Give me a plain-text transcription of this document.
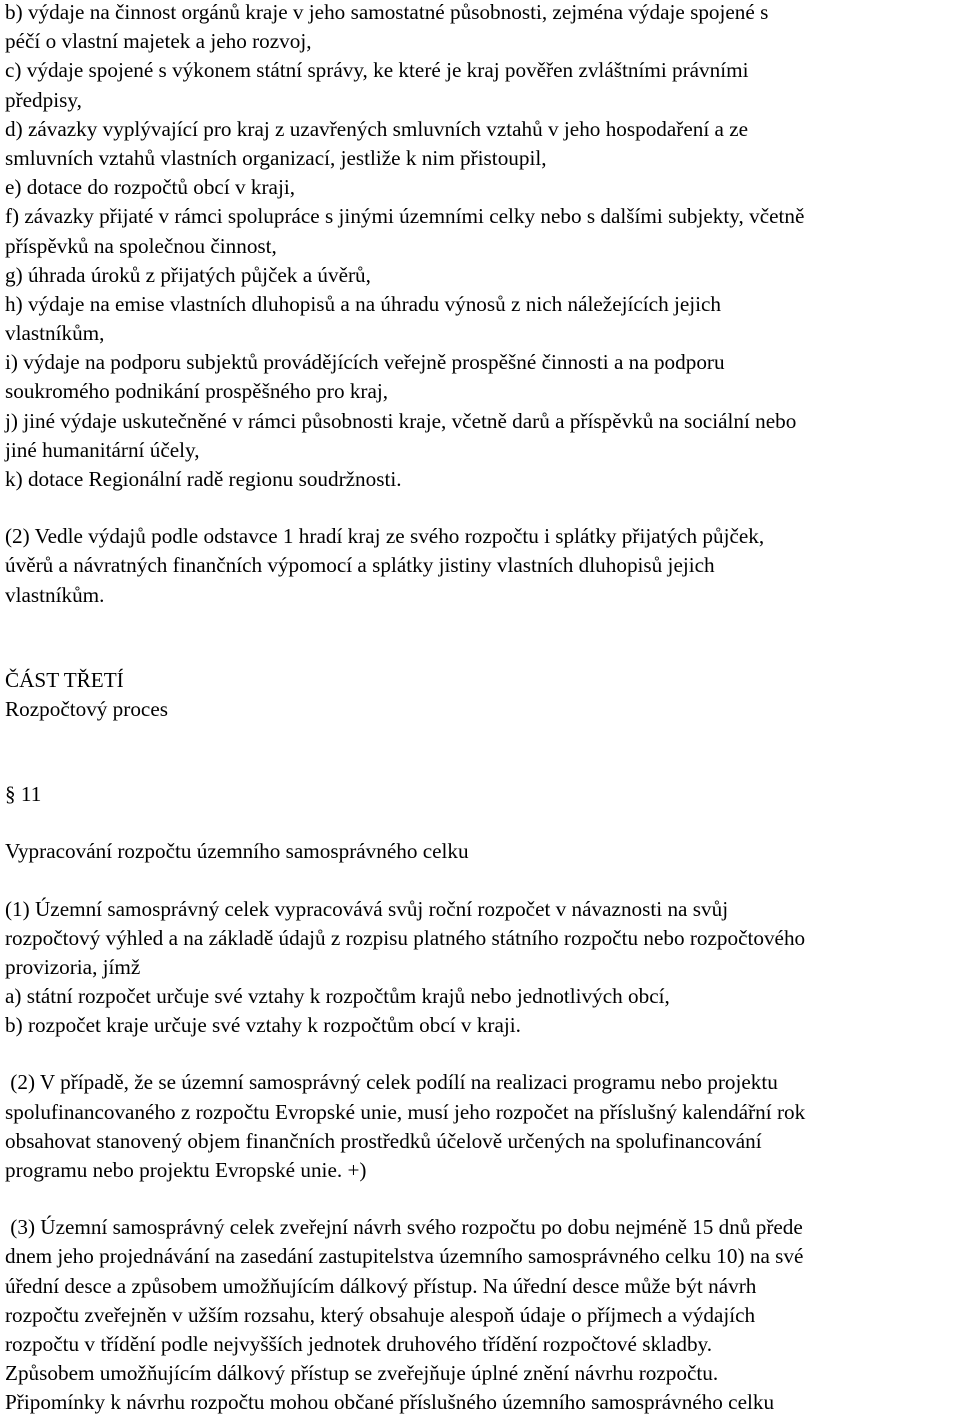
b) výdaje na činnost orgánů kraje v jeho samostatné působnosti, zejména výdaje spojené s
péčí o vlastní majetek a jeho rozvoj,
c) výdaje spojené s výkonem státní správy, ke které je kraj pověřen zvláštními právními
předpisy,
d) závazky vyplývající pro kraj z uzavřených smluvních vztahů v jeho hospodaření a ze
smluvních vztahů vlastních organizací, jestliže k nim přistoupil,
e) dotace do rozpočtů obcí v kraji,
f) závazky přijaté v rámci spolupráce s jinými územními celky nebo s dalšími subjekty, včetně
příspěvků na společnou činnost,
g) úhrada úroků z přijatých půjček a úvěrů,
h) výdaje na emise vlastních dluhopisů a na úhradu výnosů z nich náležejících jejich
vlastníkům,
i) výdaje na podporu subjektů provádějících veřejně prospěšné činnosti a na podporu
soukromého podnikání prospěšného pro kraj,
j) jiné výdaje uskutečněné v rámci působnosti kraje, včetně darů a příspěvků na sociální nebo
jiné humanitární účely,
k) dotace Regionální radě regionu soudržnosti.
(2) Vedle výdajů podle odstavce 1 hradí kraj ze svého rozpočtu i splátky přijatých půjček,
úvěrů a návratných finančních výpomocí a splátky jistiny vlastních dluhopisů jejich
vlastníkům.
ČÁST TŘETÍ
Rozpočtový proces
§ 11
Vypracování rozpočtu územního samosprávného celku
(1) Územní samosprávný celek vypracovává svůj roční rozpočet v návaznosti na svůj
rozpočtový výhled a na základě údajů z rozpisu platného státního rozpočtu nebo rozpočtového
provizoria, jímž
a) státní rozpočet určuje své vztahy k rozpočtům krajů nebo jednotlivých obcí,
b) rozpočet kraje určuje své vztahy k rozpočtům obcí v kraji.
(2) V případě, že se územní samosprávný celek podílí na realizaci programu nebo projektu
spolufinancovaného z rozpočtu Evropské unie, musí jeho rozpočet na příslušný kalendářní rok
obsahovat stanovený objem finančních prostředků účelově určených na spolufinancování
programu nebo projektu Evropské unie. +)
(3) Územní samosprávný celek zveřejní návrh svého rozpočtu po dobu nejméně 15 dnů přede
dnem jeho projednávání na zasedání zastupitelstva územního samosprávného celku 10) na své
úřední desce a způsobem umožňujícím dálkový přístup. Na úřední desce může být návrh
rozpočtu zveřejněn v užším rozsahu, který obsahuje alespoň údaje o příjmech a výdajích
rozpočtu v třídění podle nejvyšších jednotek druhového třídění rozpočtové skladby.
Způsobem umožňujícím dálkový přístup se zveřejňuje úplné znění návrhu rozpočtu.
Připomínky k návrhu rozpočtu mohou občané příslušného územního samosprávného celku
